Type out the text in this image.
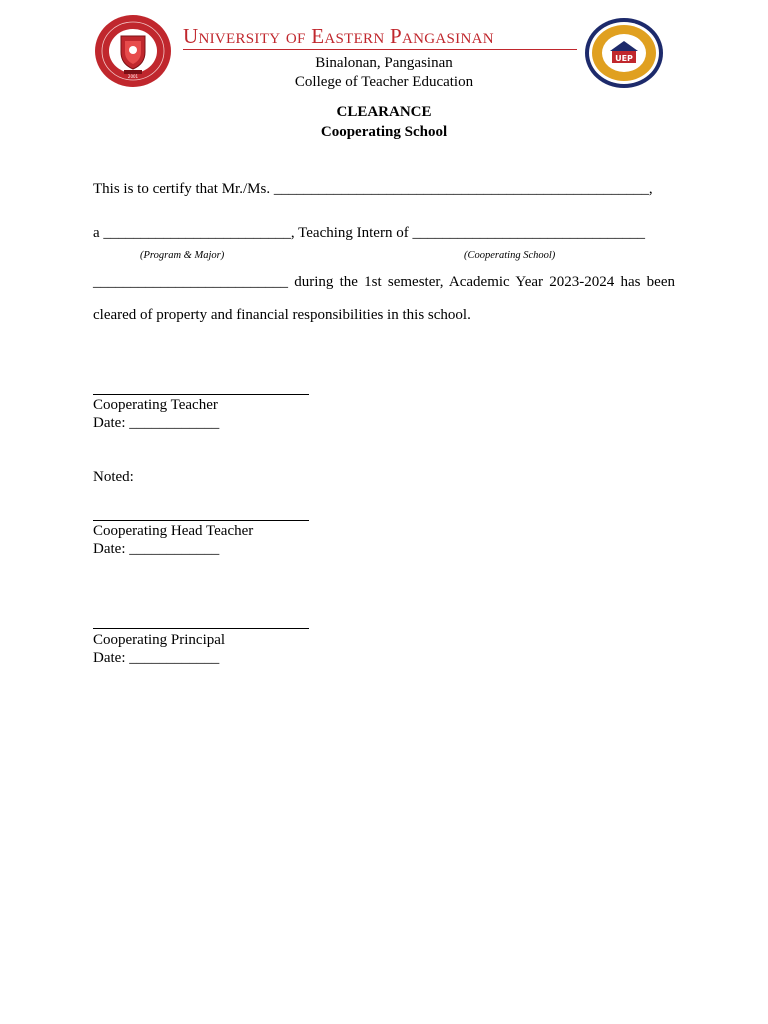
2001
University of Eastern Pangasinan
UEP
Binalonan, Pangasinan
College of Teacher Education
CLEARANCE
Cooperating School
This is to certify that Mr./Ms. __________________________________________________,
a _________________________, Teaching Intern of _______________________________
(Program & Major)	(Cooperating School)
__________________________ during the 1st semester, Academic Year 2023-2024 has been
cleared of property and financial responsibilities in this school.
Cooperating Teacher
Date: ____________
Noted:
Cooperating Head Teacher
Date: ____________
Cooperating Principal
Date: ____________
